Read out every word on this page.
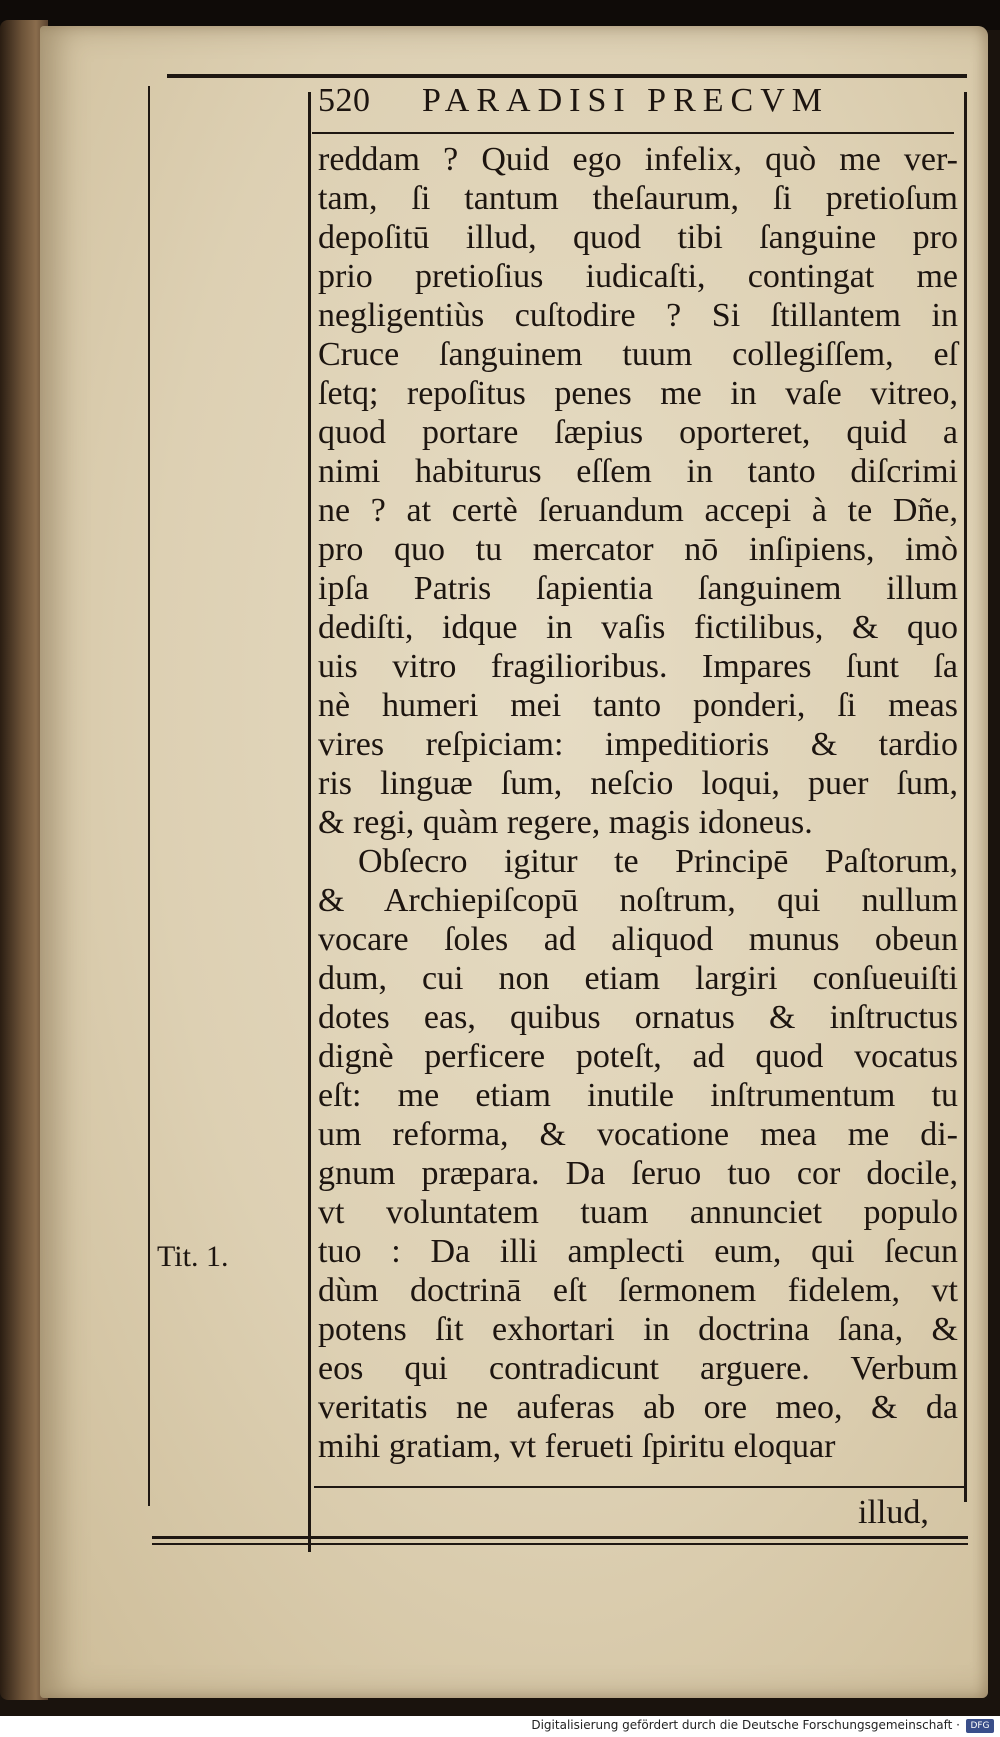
520 PARADISI PRECVM
reddam ? Quid ego infelix, quò me ver-
tam, ſi tantum theſaurum, ſi pretioſum
depoſitū illud, quod tibi ſanguine pro
prio pretioſius iudicaſti, contingat me
negligentiùs cuſtodire ? Si ſtillantem in
Cruce ſanguinem tuum collegiſſem, eſ
ſetq; repoſitus penes me in vaſe vitreo,
quod portare ſæpius oporteret, quid a
nimi habiturus eſſem in tanto diſcrimi
ne ? at certè ſeruandum accepi à te Dñe,
pro quo tu mercator nō inſipiens, imò
ipſa Patris ſapientia ſanguinem illum
dediſti, idque in vaſis fictilibus, & quo
uis vitro fragilioribus. Impares ſunt ſa
nè humeri mei tanto ponderi, ſi meas
vires reſpiciam: impeditioris & tardio
ris linguæ ſum, neſcio loqui, puer ſum,
& regi, quàm regere, magis idoneus.
Obſecro igitur te Principē Paſtorum,
& Archiepiſcopū noſtrum, qui nullum
vocare ſoles ad aliquod munus obeun
dum, cui non etiam largiri conſueuiſti
dotes eas, quibus ornatus & inſtructus
dignè perficere poteſt, ad quod vocatus
eſt: me etiam inutile inſtrumentum tu
um reforma, & vocatione mea me di-
gnum præpara. Da ſeruo tuo cor docile,
vt voluntatem tuam annunciet populo
tuo : Da illi amplecti eum, qui ſecun
dùm doctrinā eſt ſermonem fidelem, vt
potens ſit exhortari in doctrina ſana, &
eos qui contradicunt arguere. Verbum
veritatis ne auferas ab ore meo, & da
mihi gratiam, vt ferueti ſpiritu eloquar
Tit. 1.
illud,
Digitalisierung gefördert durch die Deutsche Forschungsgemeinschaft ·	DFG
